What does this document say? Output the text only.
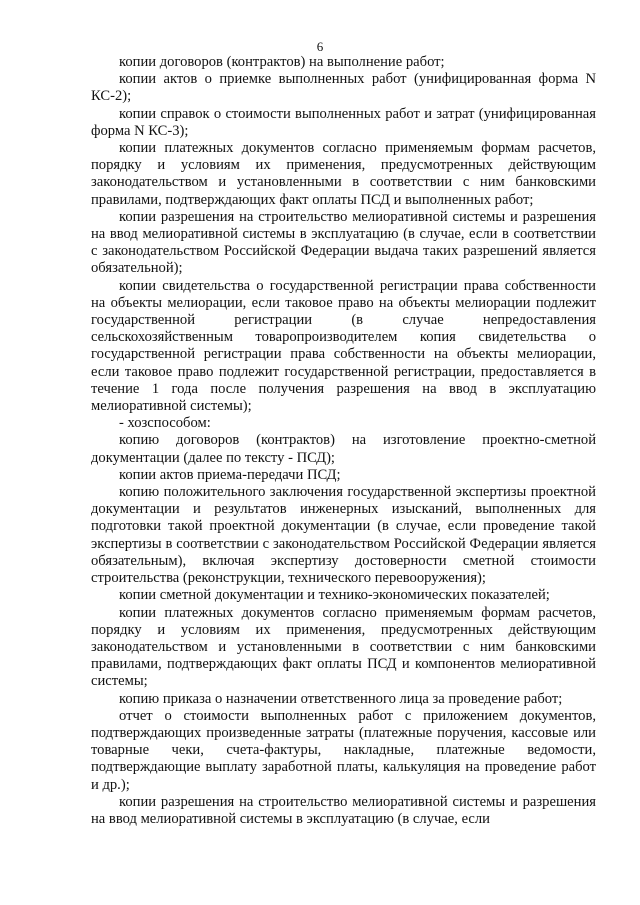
6

копии договоров (контрактов) на выполнение работ;

копии актов о приемке выполненных работ (унифицированная форма N КС-2);

копии справок о стоимости выполненных работ и затрат (унифицированная форма N КС-3);

копии платежных документов согласно применяемым формам расчетов, порядку и условиям их применения, предусмотренных действующим законодательством и установленными в соответствии с ним банковскими правилами, подтверждающих факт оплаты ПСД и выполненных работ;

копии разрешения на строительство мелиоративной системы и разрешения на ввод мелиоративной системы в эксплуатацию (в случае, если в соответствии с законодательством Российской Федерации выдача таких разрешений является обязательной);

копии свидетельства о государственной регистрации права собственности на объекты мелиорации, если таковое право на объекты мелиорации подлежит государственной регистрации (в случае непредоставления сельскохозяйственным товаропроизводителем копия свидетельства о государственной регистрации права собственности на объекты мелиорации, если таковое право подлежит государственной регистрации, предоставляется в течение 1 года после получения разрешения на ввод в эксплуатацию мелиоративной системы);

- хозспособом:

копию договоров (контрактов) на изготовление проектно-сметной документации (далее по тексту - ПСД);

копии актов приема-передачи ПСД;

копию положительного заключения государственной экспертизы проектной документации и результатов инженерных изысканий, выполненных для подготовки такой проектной документации (в случае, если проведение такой экспертизы в соответствии с законодательством Российской Федерации является обязательным), включая экспертизу достоверности сметной стоимости строительства (реконструкции, технического перевооружения);

копии сметной документации и технико-экономических показателей;

копии платежных документов согласно применяемым формам расчетов, порядку и условиям их применения, предусмотренных действующим законодательством и установленными в соответствии с ним банковскими правилами, подтверждающих факт оплаты ПСД и компонентов мелиоративной системы;

копию приказа о назначении ответственного лица за проведение работ;

отчет о стоимости выполненных работ с приложением документов, подтверждающих произведенные затраты (платежные поручения, кассовые или товарные чеки, счета-фактуры, накладные, платежные ведомости, подтверждающие выплату заработной платы, калькуляция на проведение работ и др.);

копии разрешения на строительство мелиоративной системы и разрешения на ввод мелиоративной системы в эксплуатацию (в случае, если
